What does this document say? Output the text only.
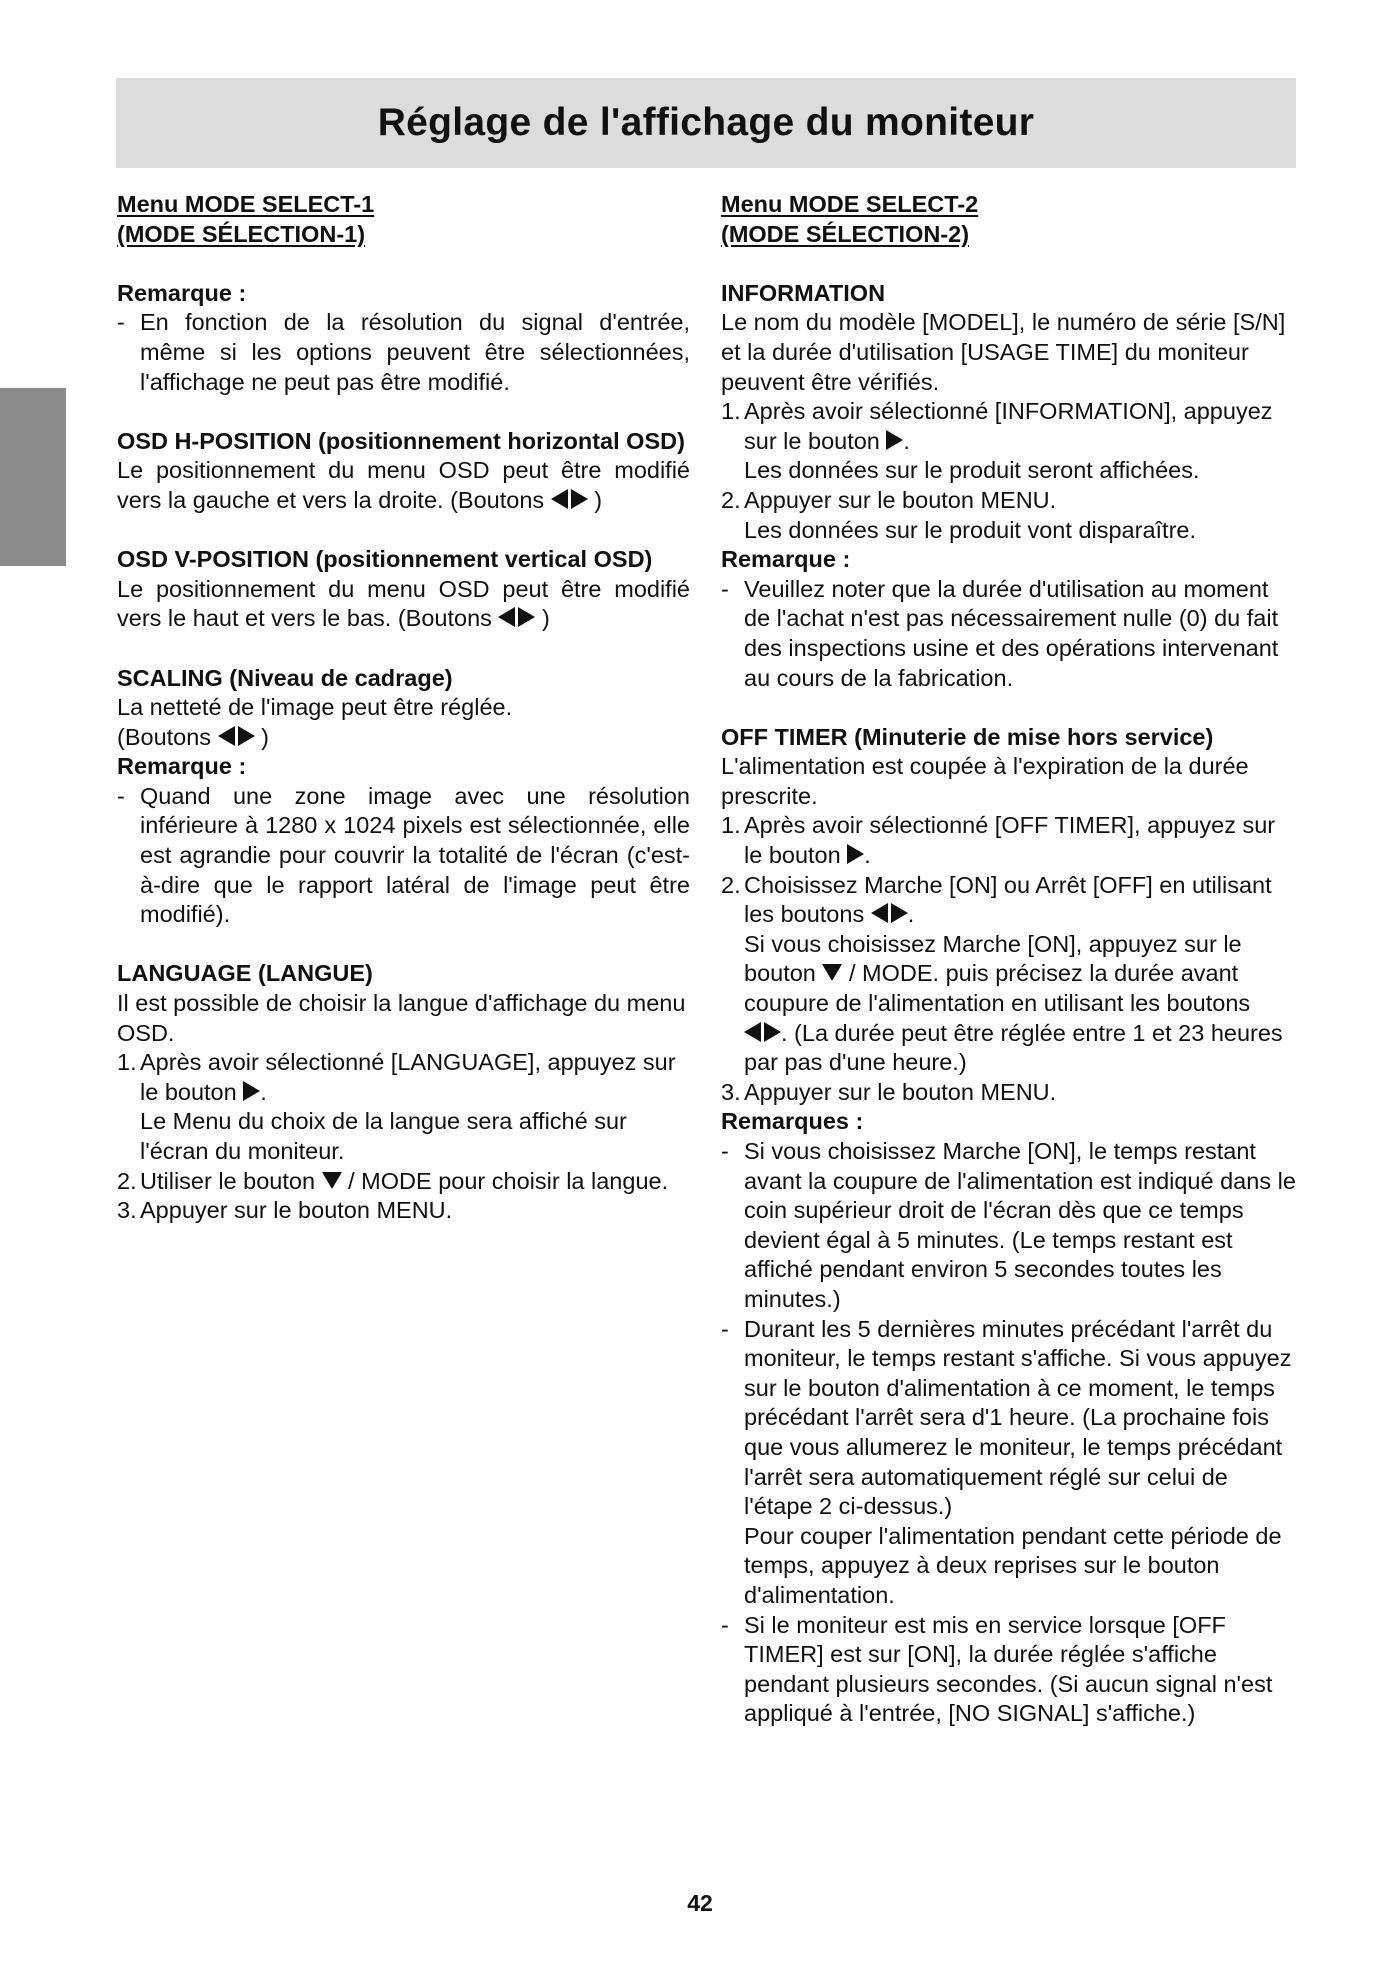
Réglage de l'affichage du moniteur

Menu MODE SELECT-1

(MODE SÉLECTION-1)

Remarque :

- En fonction de la résolution du signal d'entrée, même si les options peuvent être sélectionnées, l'affichage ne peut pas être modifié.

OSD H-POSITION (positionnement horizontal OSD)

Le positionnement du menu OSD peut être modifié vers la gauche et vers la droite. (Boutons  )

OSD V-POSITION (positionnement vertical OSD)

Le positionnement du menu OSD peut être modifié vers le haut et vers le bas. (Boutons  )

SCALING (Niveau de cadrage)

La netteté de l'image peut être réglée.

(Boutons  )

Remarque :

- Quand une zone image avec une résolution inférieure à 1280 x 1024 pixels est sélectionnée, elle est agrandie pour couvrir la totalité de l'écran (c'est-à-dire que le rapport latéral de l'image peut être modifié).

LANGUAGE (LANGUE)

Il est possible de choisir la langue d'affichage du menu OSD.

1. Après avoir sélectionné [LANGUAGE], appuyez sur le bouton .
Le Menu du choix de la langue sera affiché sur l'écran du moniteur.
2. Utiliser le bouton / MODE pour choisir la langue.
3. Appuyer sur le bouton MENU.

Menu MODE SELECT-2

(MODE SÉLECTION-2)

INFORMATION

Le nom du modèle [MODEL], le numéro de série [S/N] et la durée d'utilisation [USAGE TIME] du moniteur peuvent être vérifiés.

1. Après avoir sélectionné [INFORMATION], appuyez sur le bouton .
Les données sur le produit seront affichées.
2. Appuyer sur le bouton MENU.
Les données sur le produit vont disparaître.

Remarque :

- Veuillez noter que la durée d'utilisation au moment de l'achat n'est pas nécessairement nulle (0) du fait des inspections usine et des opérations intervenant au cours de la fabrication.

OFF TIMER (Minuterie de mise hors service)

L'alimentation est coupée à l'expiration de la durée prescrite.

1. Après avoir sélectionné [OFF TIMER], appuyez sur le bouton .
2. Choisissez Marche [ON] ou Arrêt [OFF] en utilisant les boutons .
Si vous choisissez Marche [ON], appuyez sur le bouton / MODE. puis précisez la durée avant coupure de l'alimentation en utilisant les boutons . (La durée peut être réglée entre 1 et 23 heures par pas d'une heure.)
3. Appuyer sur le bouton MENU.

Remarques :

- Si vous choisissez Marche [ON], le temps restant avant la coupure de l'alimentation est indiqué dans le coin supérieur droit de l'écran dès que ce temps devient égal à 5 minutes. (Le temps restant est affiché pendant environ 5 secondes toutes les minutes.)
- Durant les 5 dernières minutes précédant l'arrêt du moniteur, le temps restant s'affiche. Si vous appuyez sur le bouton d'alimentation à ce moment, le temps précédant l'arrêt sera d'1 heure. (La prochaine fois que vous allumerez le moniteur, le temps précédant l'arrêt sera automatiquement réglé sur celui de l'étape 2 ci-dessus.)
Pour couper l'alimentation pendant cette période de temps, appuyez à deux reprises sur le bouton d'alimentation.
- Si le moniteur est mis en service lorsque [OFF TIMER] est sur [ON], la durée réglée s'affiche pendant plusieurs secondes. (Si aucun signal n'est appliqué à l'entrée, [NO SIGNAL] s'affiche.)
42
